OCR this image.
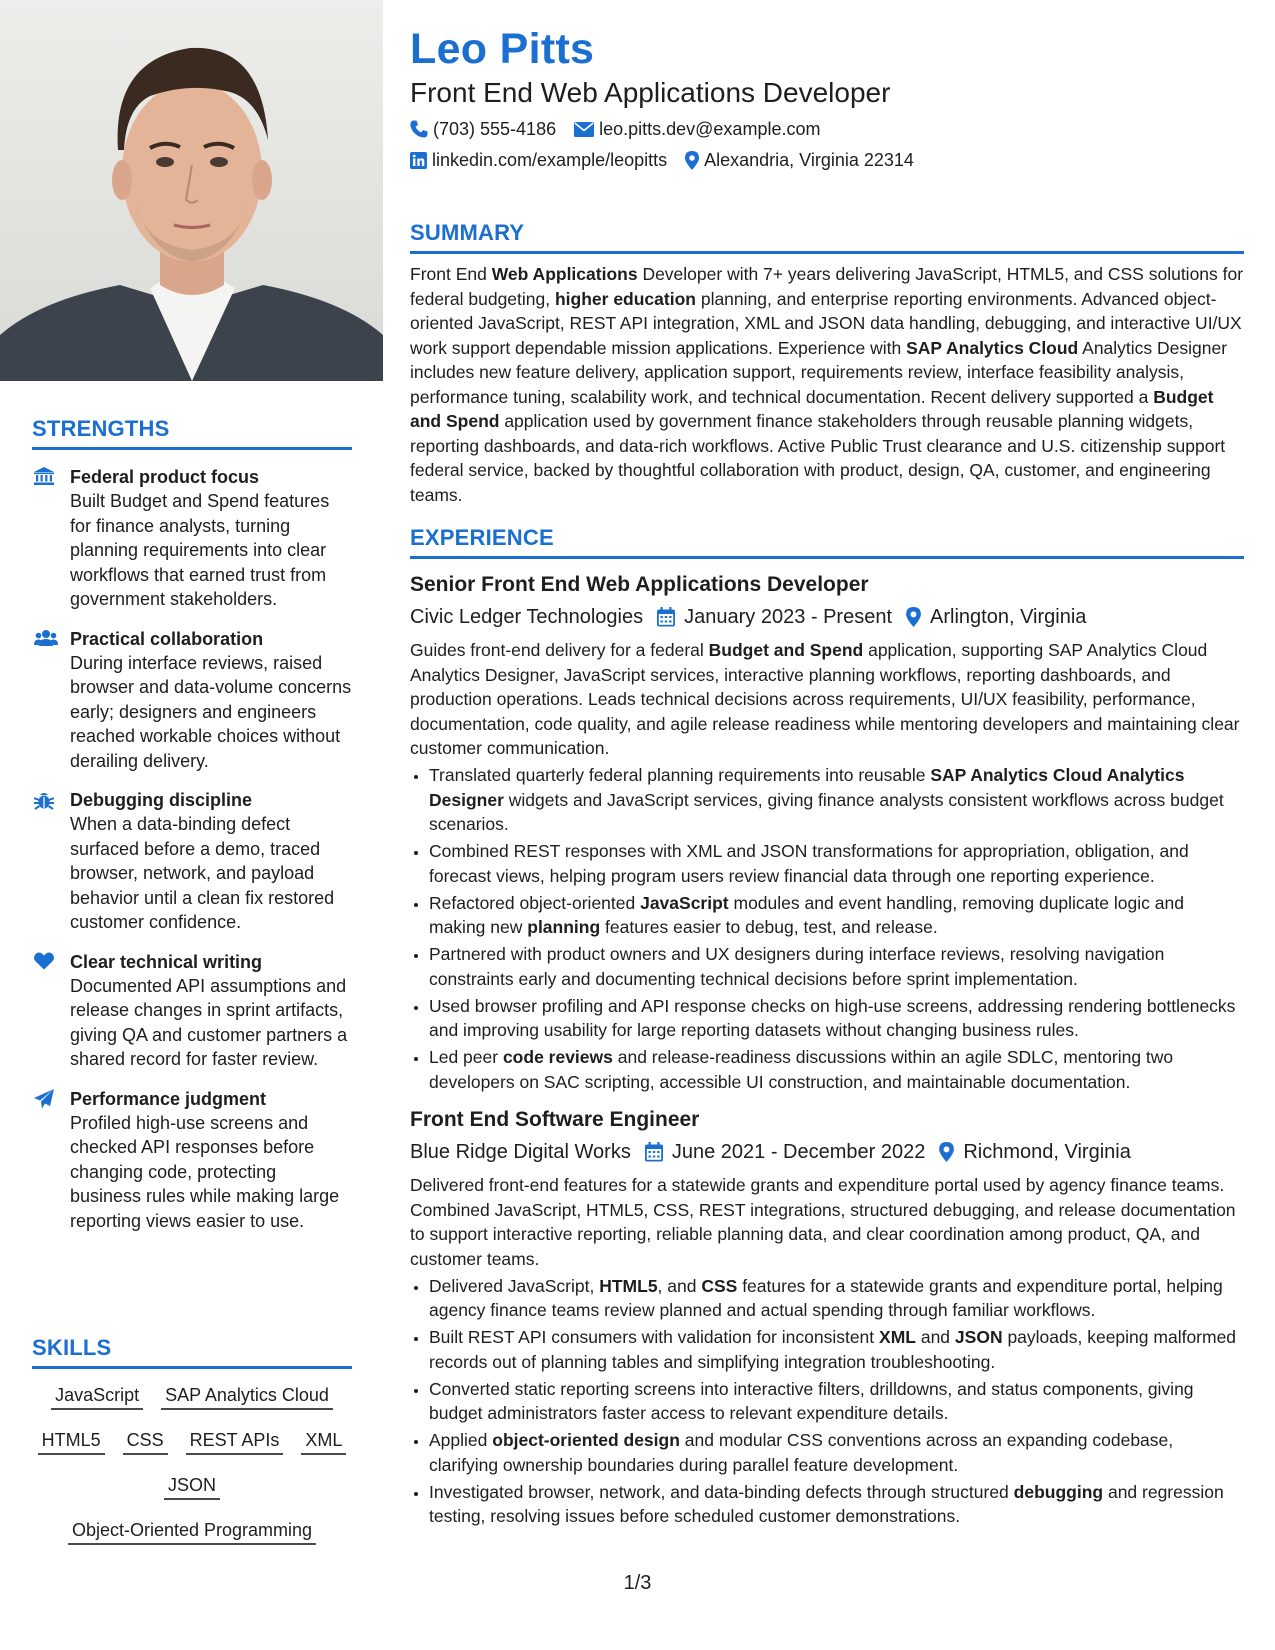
STRENGTHS
Federal product focus
Built Budget and Spend features for finance analysts, turning planning requirements into clear workflows that earned trust from government stakeholders.
Practical collaboration
During interface reviews, raised browser and data-volume concerns early; designers and engineers reached workable choices without derailing delivery.
Debugging discipline
When a data-binding defect surfaced before a demo, traced browser, network, and payload behavior until a clean fix restored customer confidence.
Clear technical writing
Documented API assumptions and release changes in sprint artifacts, giving QA and customer partners a shared record for faster review.
Performance judgment
Profiled high-use screens and checked API responses before changing code, protecting business rules while making large reporting views easier to use.
SKILLS
JavaScript SAP Analytics Cloud
HTML5 CSS REST APIs XML
JSON
Object-Oriented Programming
Leo Pitts
Front End Web Applications Developer
(703) 555-4186 leo.pitts.dev@example.com
linkedin.com/example/leopitts Alexandria, Virginia 22314
SUMMARY
Front End Web Applications Developer with 7+ years delivering JavaScript, HTML5, and CSS solutions for federal budgeting, higher education planning, and enterprise reporting environments. Advanced object-oriented JavaScript, REST API integration, XML and JSON data handling, debugging, and interactive UI/UX work support dependable mission applications. Experience with SAP Analytics Cloud Analytics Designer includes new feature delivery, application support, requirements review, interface feasibility analysis, performance tuning, scalability work, and technical documentation. Recent delivery supported a Budget and Spend application used by government finance stakeholders through reusable planning widgets, reporting dashboards, and data-rich workflows. Active Public Trust clearance and U.S. citizenship support federal service, backed by thoughtful collaboration with product, design, QA, customer, and engineering teams.
EXPERIENCE
Senior Front End Web Applications Developer
Civic Ledger Technologies January 2023 - Present Arlington, Virginia
Guides front-end delivery for a federal Budget and Spend application, supporting SAP Analytics Cloud Analytics Designer, JavaScript services, interactive planning workflows, reporting dashboards, and production operations. Leads technical decisions across requirements, UI/UX feasibility, performance, documentation, code quality, and agile release readiness while mentoring developers and maintaining clear customer communication.
• Translated quarterly federal planning requirements into reusable SAP Analytics Cloud Analytics Designer widgets and JavaScript services, giving finance analysts consistent workflows across budget scenarios.
• Combined REST responses with XML and JSON transformations for appropriation, obligation, and forecast views, helping program users review financial data through one reporting experience.
• Refactored object-oriented JavaScript modules and event handling, removing duplicate logic and making new planning features easier to debug, test, and release.
• Partnered with product owners and UX designers during interface reviews, resolving navigation constraints early and documenting technical decisions before sprint implementation.
• Used browser profiling and API response checks on high-use screens, addressing rendering bottlenecks and improving usability for large reporting datasets without changing business rules.
• Led peer code reviews and release-readiness discussions within an agile SDLC, mentoring two developers on SAC scripting, accessible UI construction, and maintainable documentation.
Front End Software Engineer
Blue Ridge Digital Works June 2021 - December 2022 Richmond, Virginia
Delivered front-end features for a statewide grants and expenditure portal used by agency finance teams. Combined JavaScript, HTML5, CSS, REST integrations, structured debugging, and release documentation to support interactive reporting, reliable planning data, and clear coordination among product, QA, and customer teams.
• Delivered JavaScript, HTML5, and CSS features for a statewide grants and expenditure portal, helping agency finance teams review planned and actual spending through familiar workflows.
• Built REST API consumers with validation for inconsistent XML and JSON payloads, keeping malformed records out of planning tables and simplifying integration troubleshooting.
• Converted static reporting screens into interactive filters, drilldowns, and status components, giving budget administrators faster access to relevant expenditure details.
• Applied object-oriented design and modular CSS conventions across an expanding codebase, clarifying ownership boundaries during parallel feature development.
• Investigated browser, network, and data-binding defects through structured debugging and regression testing, resolving issues before scheduled customer demonstrations.
1/3
